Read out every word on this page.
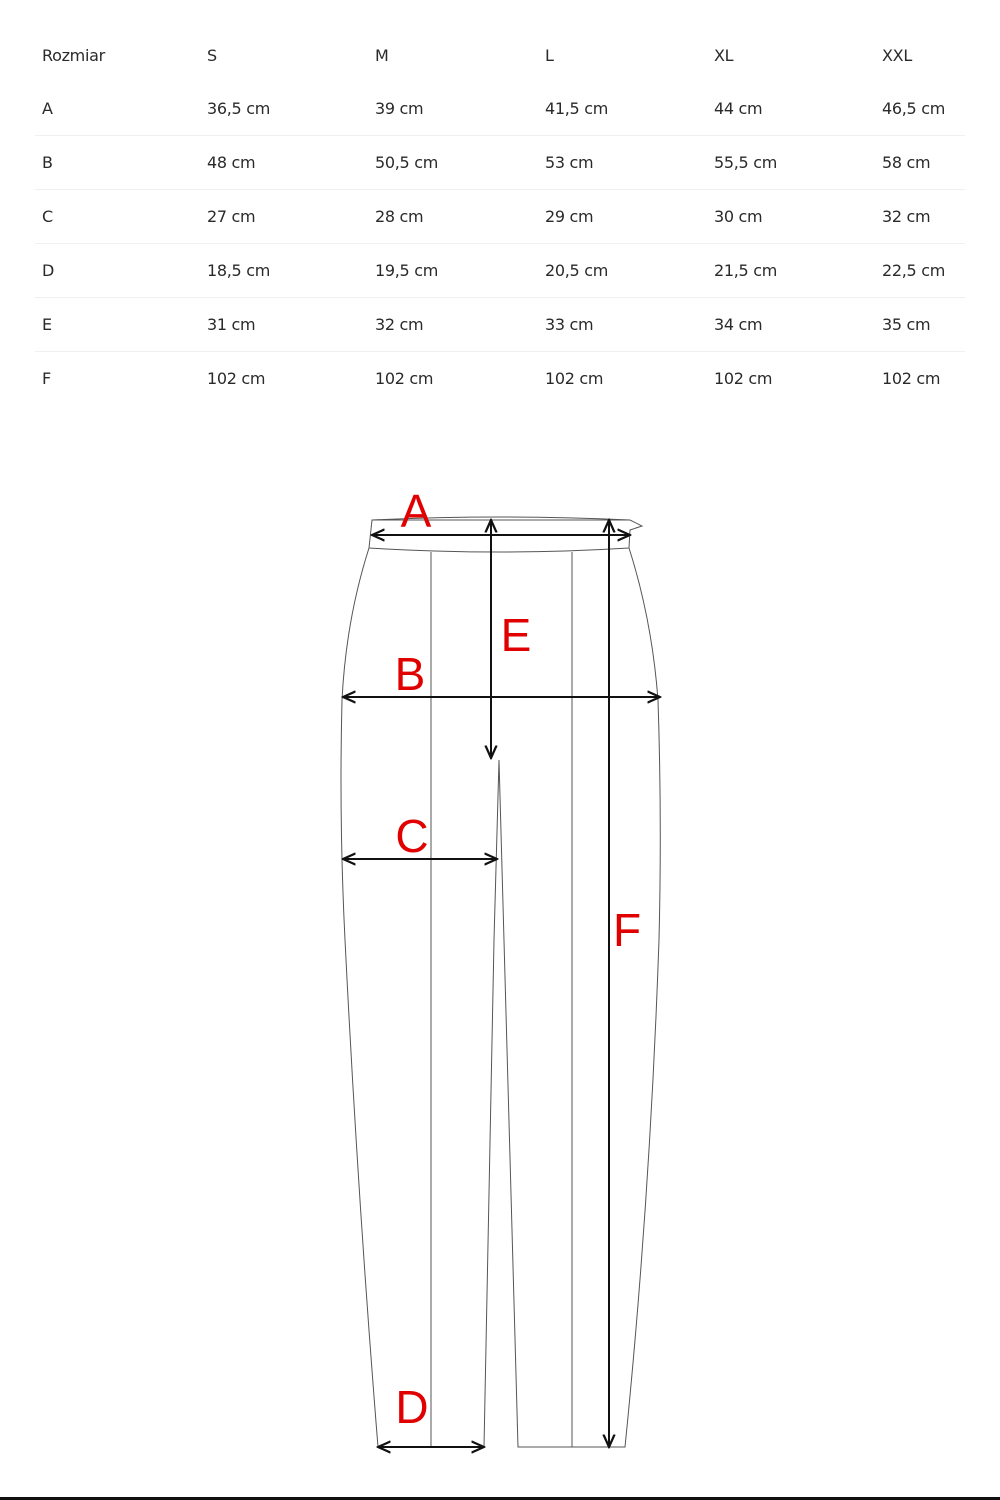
Rozmiar	S	M	L	XL	XXL
A	36,5 cm	39 cm	41,5 cm	44 cm	46,5 cm
B	48 cm	50,5 cm	53 cm	55,5 cm	58 cm
C	27 cm	28 cm	29 cm	30 cm	32 cm
D	18,5 cm	19,5 cm	20,5 cm	21,5 cm	22,5 cm
E	31 cm	32 cm	33 cm	34 cm	35 cm
F	102 cm	102 cm	102 cm	102 cm	102 cm
A
B
C
D
E
F
